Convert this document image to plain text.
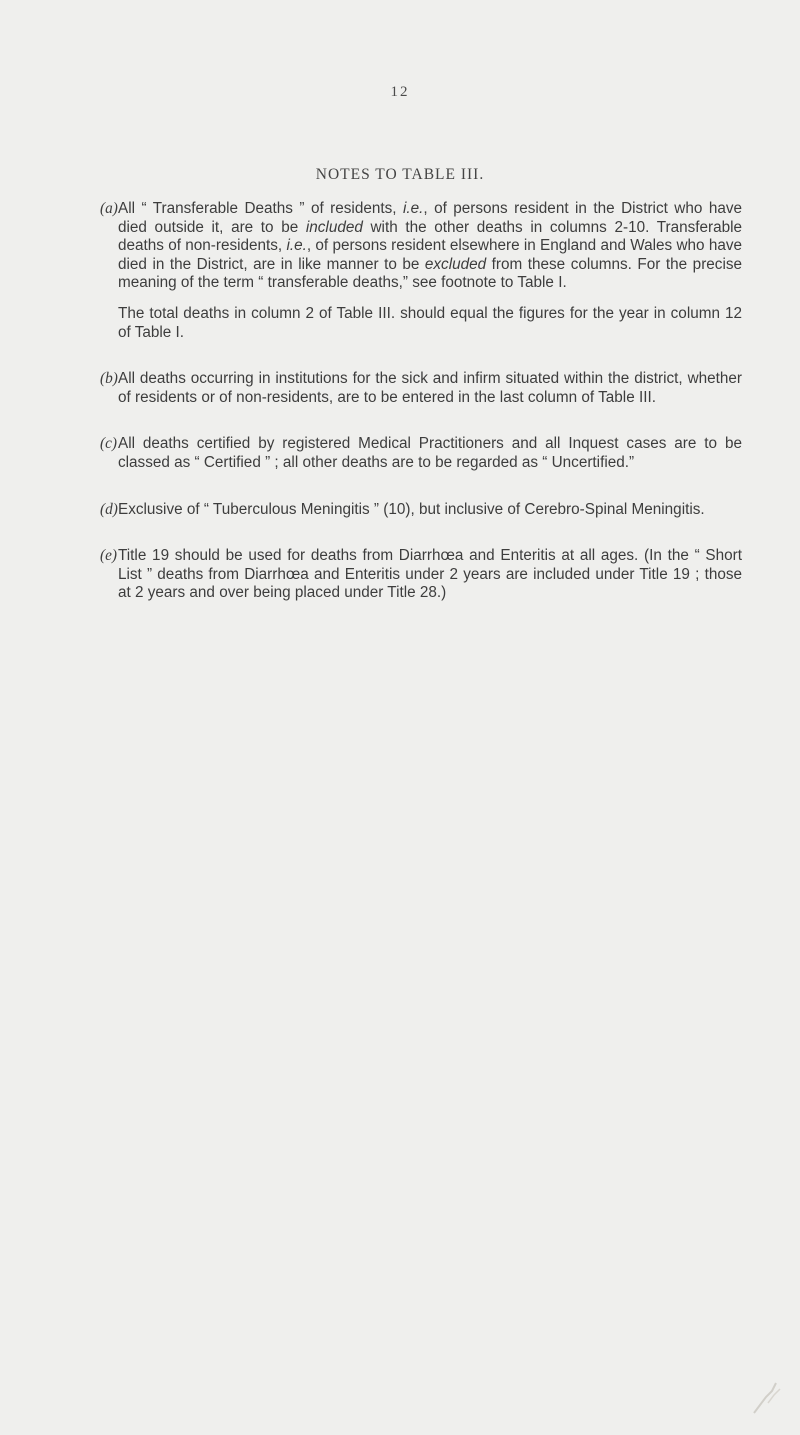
12
NOTES TO TABLE III.
(a) All “ Transferable Deaths ” of residents, i.e., of persons resident in the District who have died outside it, are to be included with the other deaths in columns 2-10. Transferable deaths of non-residents, i.e., of persons resident elsewhere in England and Wales who have died in the District, are in like manner to be excluded from these columns. For the precise meaning of the term “ transferable deaths,” see footnote to Table I.
The total deaths in column 2 of Table III. should equal the figures for the year in column 12 of Table I.
(b) All deaths occurring in institutions for the sick and infirm situated within the district, whether of residents or of non-residents, are to be entered in the last column of Table III.
(c) All deaths certified by registered Medical Practitioners and all Inquest cases are to be classed as “ Certified ” ; all other deaths are to be regarded as “ Uncertified.”
(d) Exclusive of “ Tuberculous Meningitis ” (10), but inclusive of Cerebro-Spinal Meningitis.
(e) Title 19 should be used for deaths from Diarrhœa and Enteritis at all ages. (In the “ Short List ” deaths from Diarrhœa and Enteritis under 2 years are included under Title 19 ; those at 2 years and over being placed under Title 28.)
